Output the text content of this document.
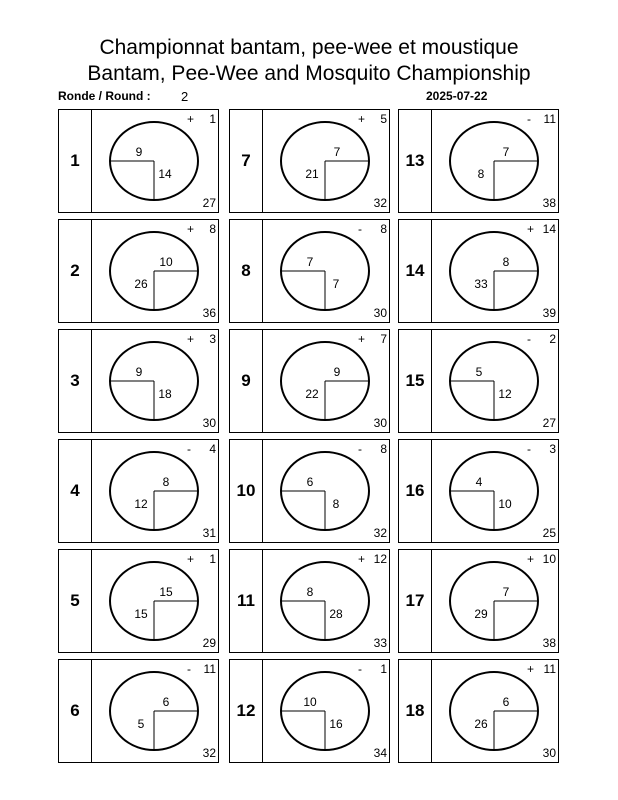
Championnat bantam, pee-wee et moustique
Bantam, Pee-Wee and Mosquito Championship
Ronde / Round : 2	2025-07-22
1
+	1
27
9
14
2
+	8
36
10
26
3
+	3
30
9
18
4
-	4
31
8
12
5
+	1
29
15
15
6
-	11
32
6
5
7
+	5
32
7
21
8
-	8
30
7
7
9
+	7
30
9
22
10
-	8
32
6
8
11
+ 12
33
8
28
12
-	1
34
10
16
13
-	11
38
7
8
14
+ 14
39
8
33
15
-	2
27
5
12
16
-	3
25
4
10
17
+ 10
38
7
29
18
+ 11
30
6
26
